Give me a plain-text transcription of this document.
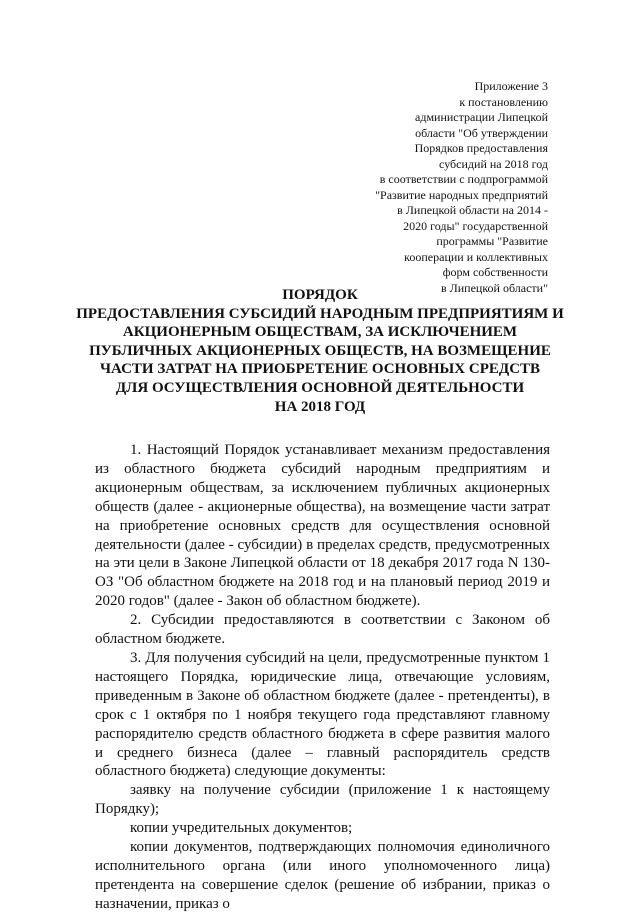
Приложение 3
к постановлению
администрации Липецкой
области "Об утверждении
Порядков предоставления
субсидий на 2018 год
в соответствии с подпрограммой
"Развитие народных предприятий
в Липецкой области на 2014 -
2020 годы" государственной
программы "Развитие
кооперации и коллективных
форм собственности
в Липецкой области"
ПОРЯДОК
ПРЕДОСТАВЛЕНИЯ СУБСИДИЙ НАРОДНЫМ ПРЕДПРИЯТИЯМ И
АКЦИОНЕРНЫМ ОБЩЕСТВАМ, ЗА ИСКЛЮЧЕНИЕМ
ПУБЛИЧНЫХ АКЦИОНЕРНЫХ ОБЩЕСТВ, НА ВОЗМЕЩЕНИЕ
ЧАСТИ ЗАТРАТ НА ПРИОБРЕТЕНИЕ ОСНОВНЫХ СРЕДСТВ
ДЛЯ ОСУЩЕСТВЛЕНИЯ ОСНОВНОЙ ДЕЯТЕЛЬНОСТИ
НА 2018 ГОД

1. Настоящий Порядок устанавливает механизм предоставления из областного бюджета субсидий народным предприятиям и акционерным обществам, за исключением публичных акционерных обществ (далее - акционерные общества), на возмещение части затрат на приобретение основных средств для осуществления основной деятельности (далее - субсидии) в пределах средств, предусмотренных на эти цели в Законе Липецкой области от 18 декабря 2017 года N 130-ОЗ "Об областном бюджете на 2018 год и на плановый период 2019 и 2020 годов" (далее - Закон об областном бюджете).

2. Субсидии предоставляются в соответствии с Законом об областном бюджете.

3. Для получения субсидий на цели, предусмотренные пунктом 1 настоящего Порядка, юридические лица, отвечающие условиям, приведенным в Законе об областном бюджете (далее - претенденты), в срок с 1 октября по 1 ноября текущего года представляют главному распорядителю средств областного бюджета в сфере развития малого и среднего бизнеса (далее – главный распорядитель средств областного бюджета) следующие документы:

заявку на получение субсидии (приложение 1 к настоящему Порядку);

копии учредительных документов;

копии документов, подтверждающих полномочия единоличного исполнительного органа (или иного уполномоченного лица) претендента на совершение сделок (решение об избрании, приказ о назначении, приказ о
